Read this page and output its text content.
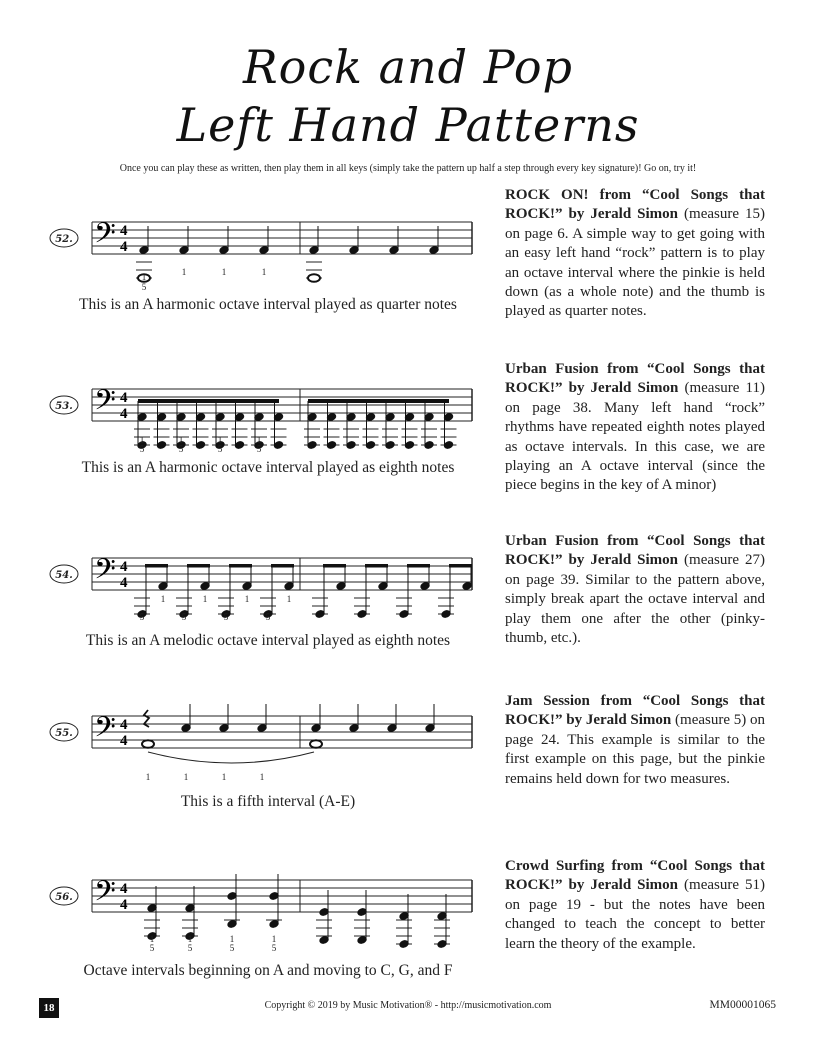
Rock and Pop
Left Hand Patterns
Once you can play these as written, then play them in all keys (simply take the pattern up half a step through every key signature)! Go on, try it!
52. 𝄢 4
4
1	1	1
1
5
This is an A harmonic octave interval played as quarter notes
ROCK ON! from “Cool Songs that ROCK!” by Jerald Simon (measure 15) on page 6. A simple way to get going with an easy left hand “rock” pattern is to play an octave interval where the pinkie is held down (as a whole note) and the thumb is played as quarter notes.
53. 𝄢 4
4
1
5
1
5
1
5
1
5
This is an A harmonic octave interval played as eighth notes
Urban Fusion from “Cool Songs that ROCK!” by Jerald Simon (measure 11) on page 38. Many left hand “rock” rhythms have repeated eighth notes played as octave intervals. In this case, we are playing an A octave interval (since the piece begins in the key of A minor)
54. 𝄢 4
4
5
1
5
1
5
1
5
1
This is an A melodic octave interval played as eighth notes
Urban Fusion from “Cool Songs that ROCK!” by Jerald Simon (measure 27) on page 39. Similar to the pattern above, simply break apart the octave interval and play them one after the other (pinky-thumb, etc.).
55. 𝄢 4
4
1	1	1	1
This is a fifth interval (A-E)
Jam Session from “Cool Songs that ROCK!” by Jerald Simon (measure 5) on page 24. This example is similar to the first example on this page, but the pinkie remains held down for two measures.
56. 𝄢 4
4
1
5
1
5
1
5
1
5
Octave intervals beginning on A and moving to C, G, and F
Crowd Surfing from “Cool Songs that ROCK!” by Jerald Simon (measure 51) on page 19 - but the notes have been changed to teach the concept to better learn the theory of the example.
18	Copyright © 2019 by Music Motivation® - http://musicmotivation.com	MM00001065
